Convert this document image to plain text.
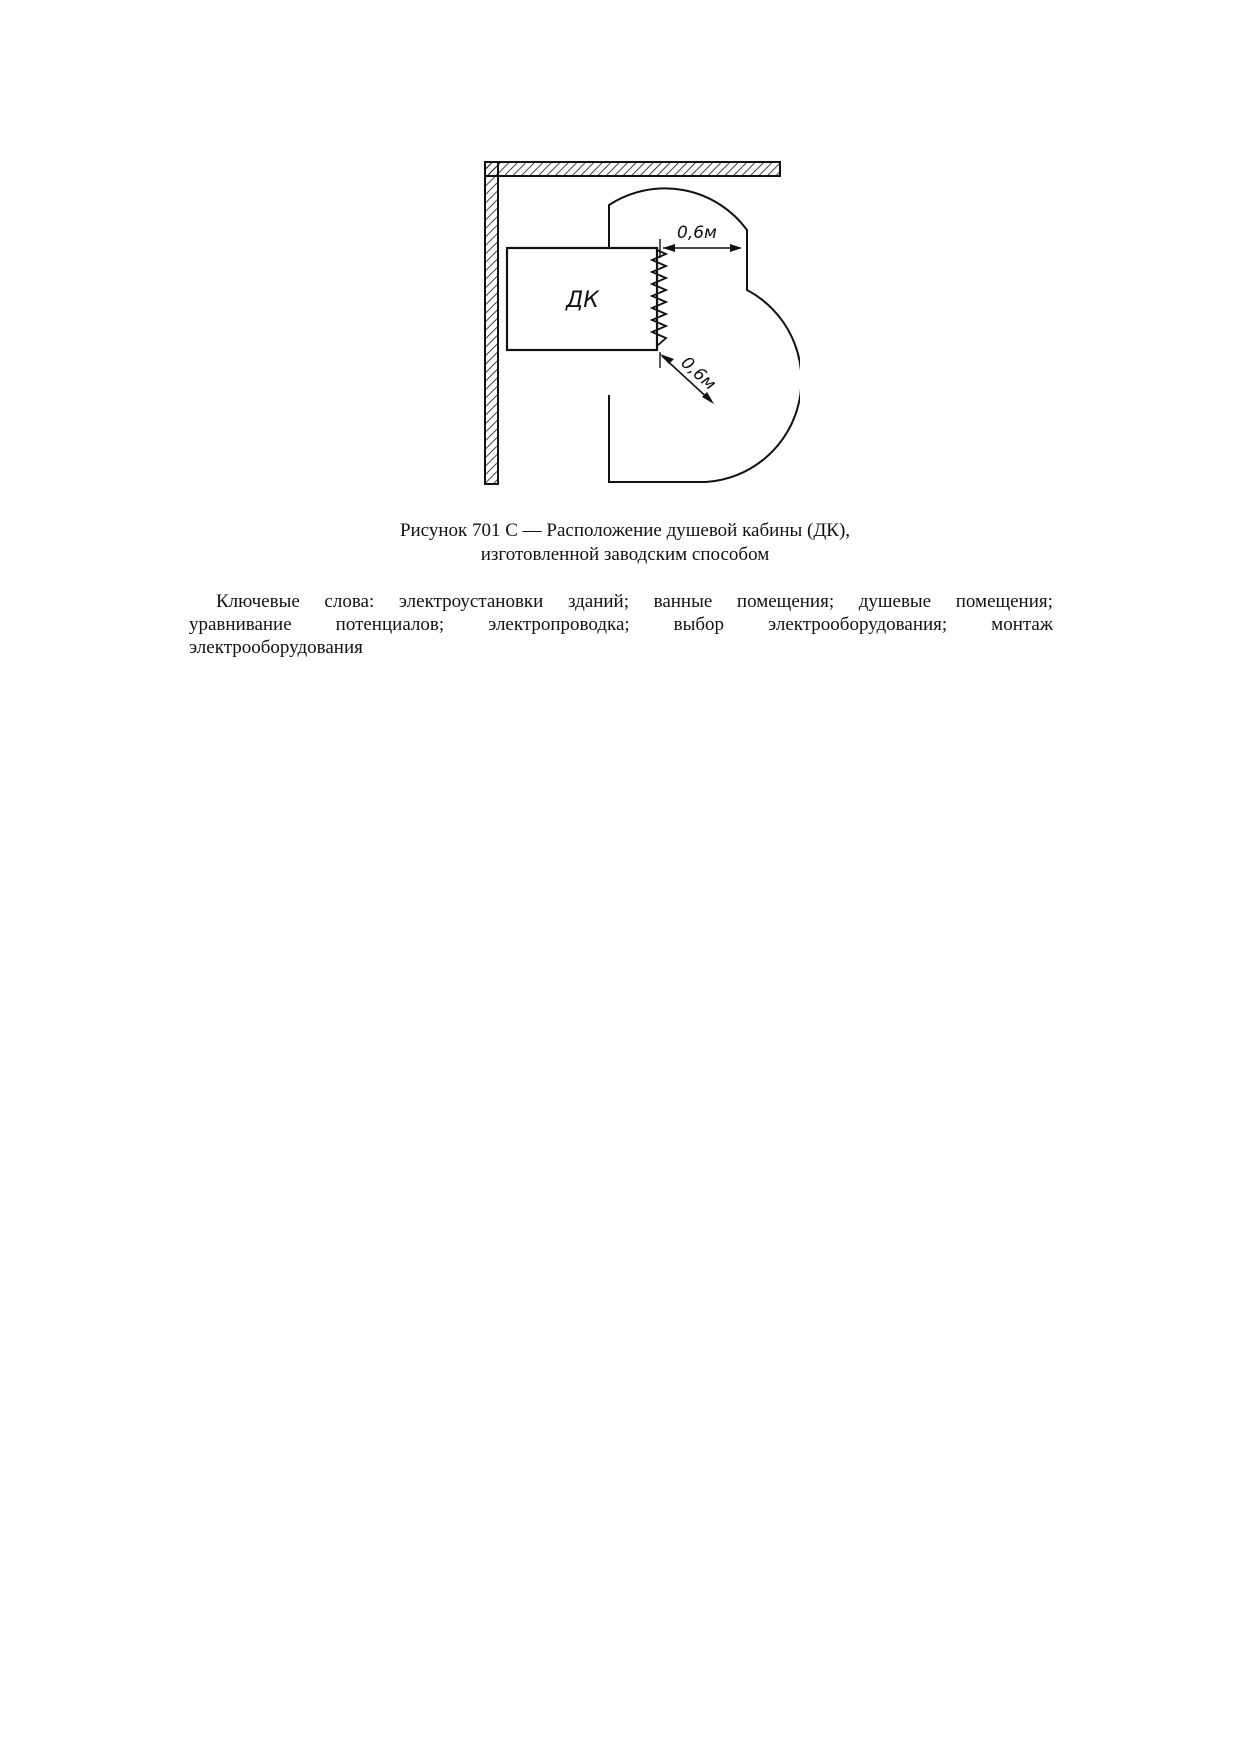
ДК
0,6м
0,6м
Рисунок 701 С — Расположение душевой кабины (ДК),
изготовленной заводским способом
Ключевые слова: электроустановки зданий; ванные помещения; душевые помещения;
уравнивание потенциалов; электропроводка; выбор электрооборудования; монтаж
электрооборудования
